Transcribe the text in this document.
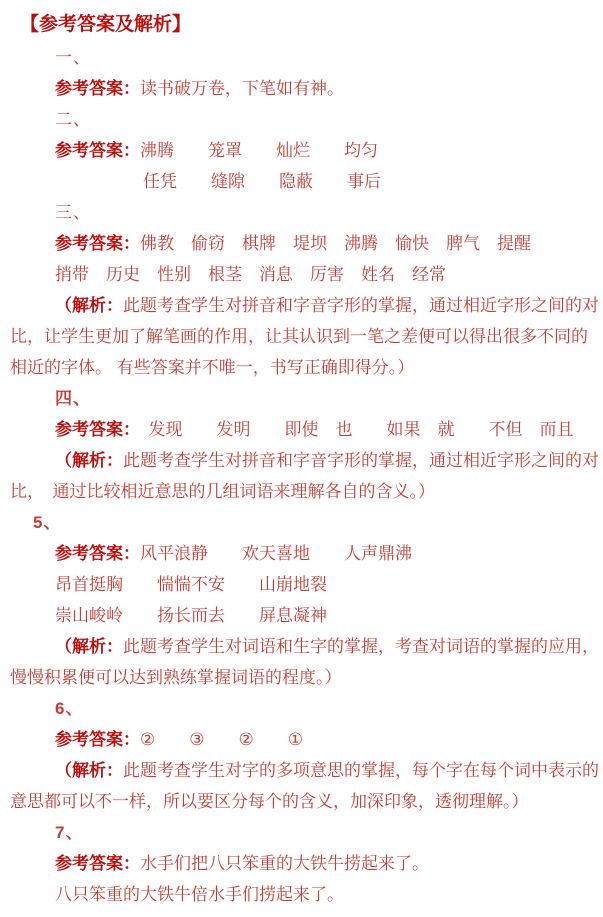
【参考答案及解析】
一、
参考答案：读书破万卷，下笔如有神。
二、
参考答案：沸腾　　笼罩　　灿烂　　均匀
任凭　　缝隙　　隐蔽　　事后
三、
参考答案：佛教　偷窃　棋牌　堤坝　沸腾　愉快　脾气　提醒
捎带　历史　性别　根茎　消息　厉害　姓名　经常
（解析：此题考查学生对拼音和字音字形的掌握，通过相近字形之间的对
比，让学生更加了解笔画的作用，让其认识到一笔之差便可以得出很多不同的
相近的字体。 有些答案并不唯一，书写正确即得分。）
四、
参考答案：　发现　　发明　　即使　也　　如果　就　　不但　而且
（解析：此题考查学生对拼音和字音字形的掌握，通过相近字形之间的对
比，　通过比较相近意思的几组词语来理解各自的含义。）
5、
参考答案：风平浪静　　欢天喜地　　人声鼎沸
昂首挺胸　　惴惴不安　　山崩地裂
崇山峻岭　　扬长而去　　屏息凝神
（解析：此题考查学生对词语和生字的掌握，考查对词语的掌握的应用，
慢慢积累便可以达到熟练掌握词语的程度。）
6、
参考答案：②　　③　　②　　①
（解析：此题考查学生对字的多项意思的掌握，每个字在每个词中表示的
意思都可以不一样，所以要区分每个的含义，加深印象，透彻理解。）
7、
参考答案：水手们把八只笨重的大铁牛捞起来了。
八只笨重的大铁牛倍水手们捞起来了。
